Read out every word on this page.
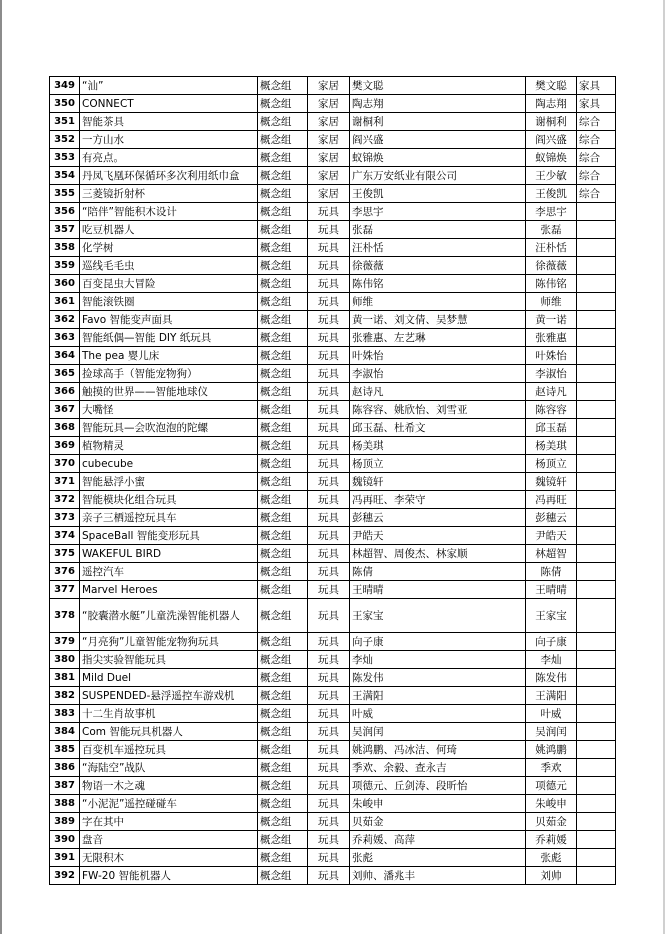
349	“汕”	概念组	家居	樊文聪	樊文聪	家具
350	CONNECT	概念组	家居	陶志翔	陶志翔	家具
351	智能茶具	概念组	家居	谢桐利	谢桐利	综合
352	一方山水	概念组	家居	阎兴盛	阎兴盛	综合
353	有亮点。	概念组	家居	蚁锦焕	蚁锦焕	综合
354	丹凤飞凰环保循环多次利用纸巾盒	概念组	家居	广东万安纸业有限公司	王少敏	综合
355	三菱镜折射杯	概念组	家居	王俊凯	王俊凯	综合
356	“陪伴”智能积木设计	概念组	玩具	李思宇	李思宇	
357	吃豆机器人	概念组	玩具	张磊	张磊	
358	化学树	概念组	玩具	汪朴恬	汪朴恬	
359	巡线毛毛虫	概念组	玩具	徐薇薇	徐薇薇	
360	百变昆虫大冒险	概念组	玩具	陈伟铭	陈伟铭	
361	智能滚铁圈	概念组	玩具	师维	师维	
362	Favo 智能变声面具	概念组	玩具	黄一诺、刘文倩、吴梦慧	黄一诺	
363	智能纸偶—智能 DIY 纸玩具	概念组	玩具	张雅惠、左艺琳	张雅惠	
364	The pea 婴儿床	概念组	玩具	叶姝怡	叶姝怡	
365	捡球高手（智能宠物狗）	概念组	玩具	李淑怡	李淑怡	
366	触摸的世界——智能地球仪	概念组	玩具	赵诗凡	赵诗凡	
367	大嘴怪	概念组	玩具	陈容容、姚欣怡、刘雪亚	陈容容	
368	智能玩具—会吹泡泡的陀螺	概念组	玩具	邱玉磊、杜希文	邱玉磊	
369	植物精灵	概念组	玩具	杨美琪	杨美琪	
370	cubecube	概念组	玩具	杨顶立	杨顶立	
371	智能悬浮小蜜	概念组	玩具	魏镜轩	魏镜轩	
372	智能模块化组合玩具	概念组	玩具	冯再旺、李荣守	冯再旺	
373	亲子三栖遥控玩具车	概念组	玩具	彭穗云	彭穗云	
374	SpaceBall 智能变形玩具	概念组	玩具	尹皓天	尹皓天	
375	WAKEFUL BIRD	概念组	玩具	林超智、周俊杰、林家顺	林超智	
376	遥控汽车	概念组	玩具	陈倩	陈倩	
377	Marvel Heroes	概念组	玩具	王晴晴	王晴晴	
378	“胶囊潜水艇”儿童洗澡智能机器人	概念组	玩具	王家宝	王家宝	
379	“月亮狗”儿童智能宠物狗玩具	概念组	玩具	向子康	向子康	
380	指尖实验智能玩具	概念组	玩具	李灿	李灿	
381	Mild Duel	概念组	玩具	陈发伟	陈发伟	
382	SUSPENDED-悬浮遥控车游戏机	概念组	玩具	王满阳	王满阳	
383	十二生肖故事机	概念组	玩具	叶威	叶威	
384	Com 智能玩具机器人	概念组	玩具	吴润闰	吴润闰	
385	百变机车遥控玩具	概念组	玩具	姚鸿鹏、冯冰洁、何琦	姚鸿鹏	
386	“海陆空”战队	概念组	玩具	季欢、余毅、查永吉	季欢	
387	物语一木之魂	概念组	玩具	项德元、丘剑涛、段昕怡	项德元	
388	“小泥泥”遥控碰碰车	概念组	玩具	朱峻申	朱峻申	
389	字在其中	概念组	玩具	贝茹金	贝茹金	
390	盘音	概念组	玩具	乔莉媛、高萍	乔莉媛	
391	无限积木	概念组	玩具	张彪	张彪	
392	FW-20 智能机器人	概念组	玩具	刘帅、潘兆丰	刘帅	
